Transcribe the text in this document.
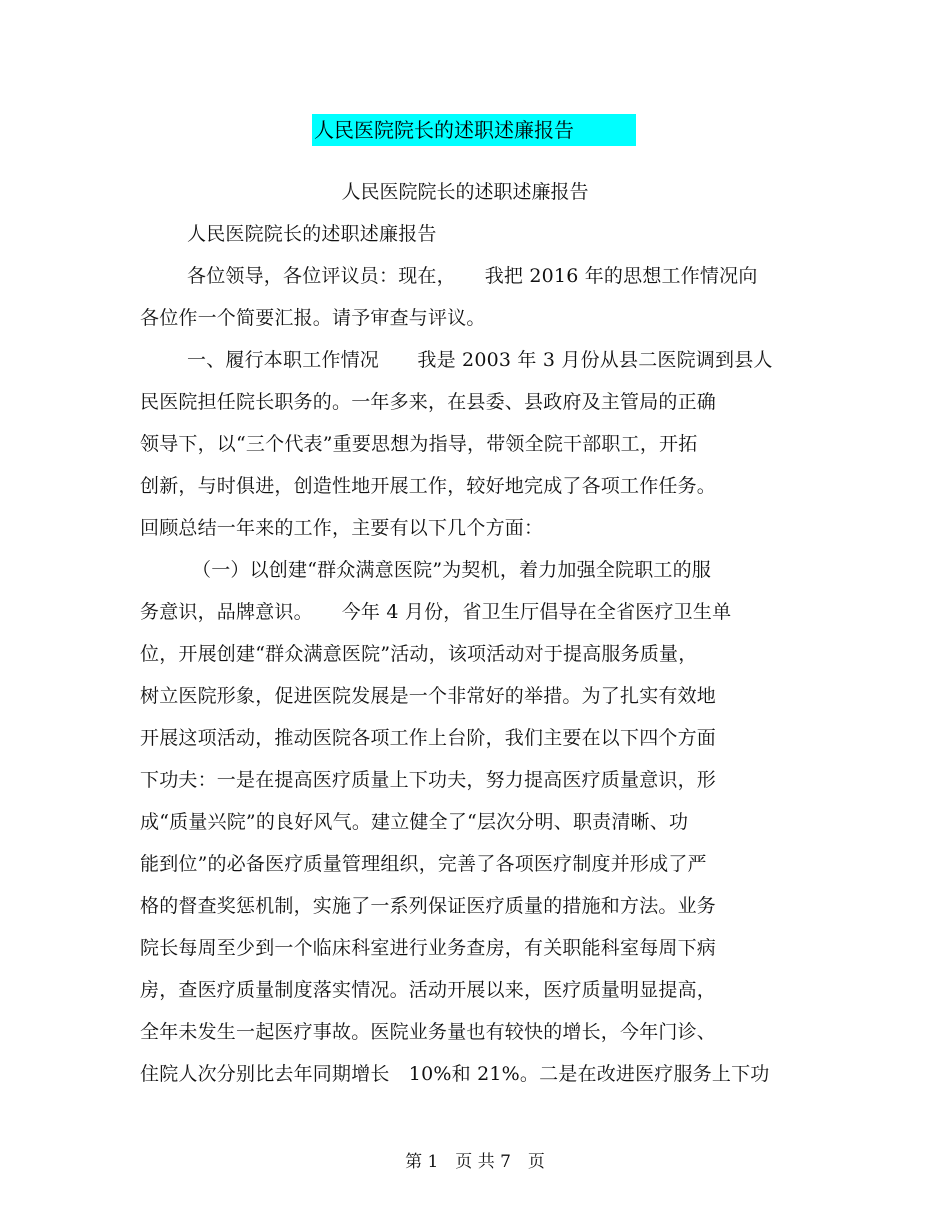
人民医院院长的述职述廉报告
人民医院院长的述职述廉报告
人民医院院长的述职述廉报告
各位领导，各位评议员：现在，　　我把 2016 年的思想工作情况向
各位作一个简要汇报。请予审查与评议。
一、履行本职工作情况　　我是 2003 年 3 月份从县二医院调到县人
民医院担任院长职务的。一年多来，在县委、县政府及主管局的正确
领导下，以“三个代表”重要思想为指导，带领全院干部职工，开拓
创新，与时俱进，创造性地开展工作，较好地完成了各项工作任务。
回顾总结一年来的工作，主要有以下几个方面：
（一）以创建“群众满意医院”为契机，着力加强全院职工的服
务意识，品牌意识。　　今年 4 月份，省卫生厅倡导在全省医疗卫生单
位，开展创建“群众满意医院”活动，该项活动对于提高服务质量，
树立医院形象，促进医院发展是一个非常好的举措。为了扎实有效地
开展这项活动，推动医院各项工作上台阶，我们主要在以下四个方面
下功夫：一是在提高医疗质量上下功夫，努力提高医疗质量意识，形
成“质量兴院”的良好风气。建立健全了“层次分明、职责清晰、功
能到位”的必备医疗质量管理组织，完善了各项医疗制度并形成了严
格的督查奖惩机制，实施了一系列保证医疗质量的措施和方法。业务
院长每周至少到一个临床科室进行业务查房，有关职能科室每周下病
房，查医疗质量制度落实情况。活动开展以来，医疗质量明显提高，
全年未发生一起医疗事故。医院业务量也有较快的增长，今年门诊、
住院人次分别比去年同期增长　10%和 21%。二是在改进医疗服务上下功
第 1　页 共 7　页
